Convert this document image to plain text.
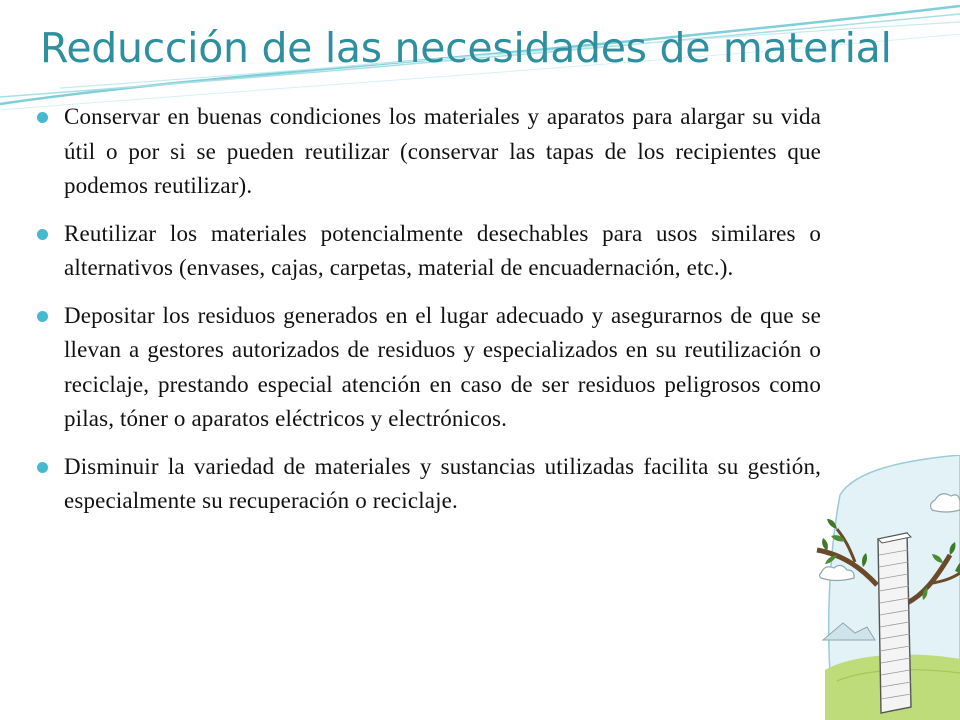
Reducción de las necesidades de material
Conservar en buenas condiciones los materiales y aparatos para alargar su vida útil o por si se pueden reutilizar (conservar las tapas de los recipientes que podemos reutilizar).
Reutilizar los materiales potencialmente desechables para usos similares o alternativos (envases, cajas, carpetas, material de encuadernación, etc.).
Depositar los residuos generados en el lugar adecuado y asegurarnos de que se llevan a gestores autorizados de residuos y especializados en su reutilización o reciclaje, prestando especial atención en caso de ser residuos peligrosos como pilas, tóner o aparatos eléctricos y electrónicos.
Disminuir la variedad de materiales y sustancias utilizadas facilita su gestión, especialmente su recuperación o reciclaje.
